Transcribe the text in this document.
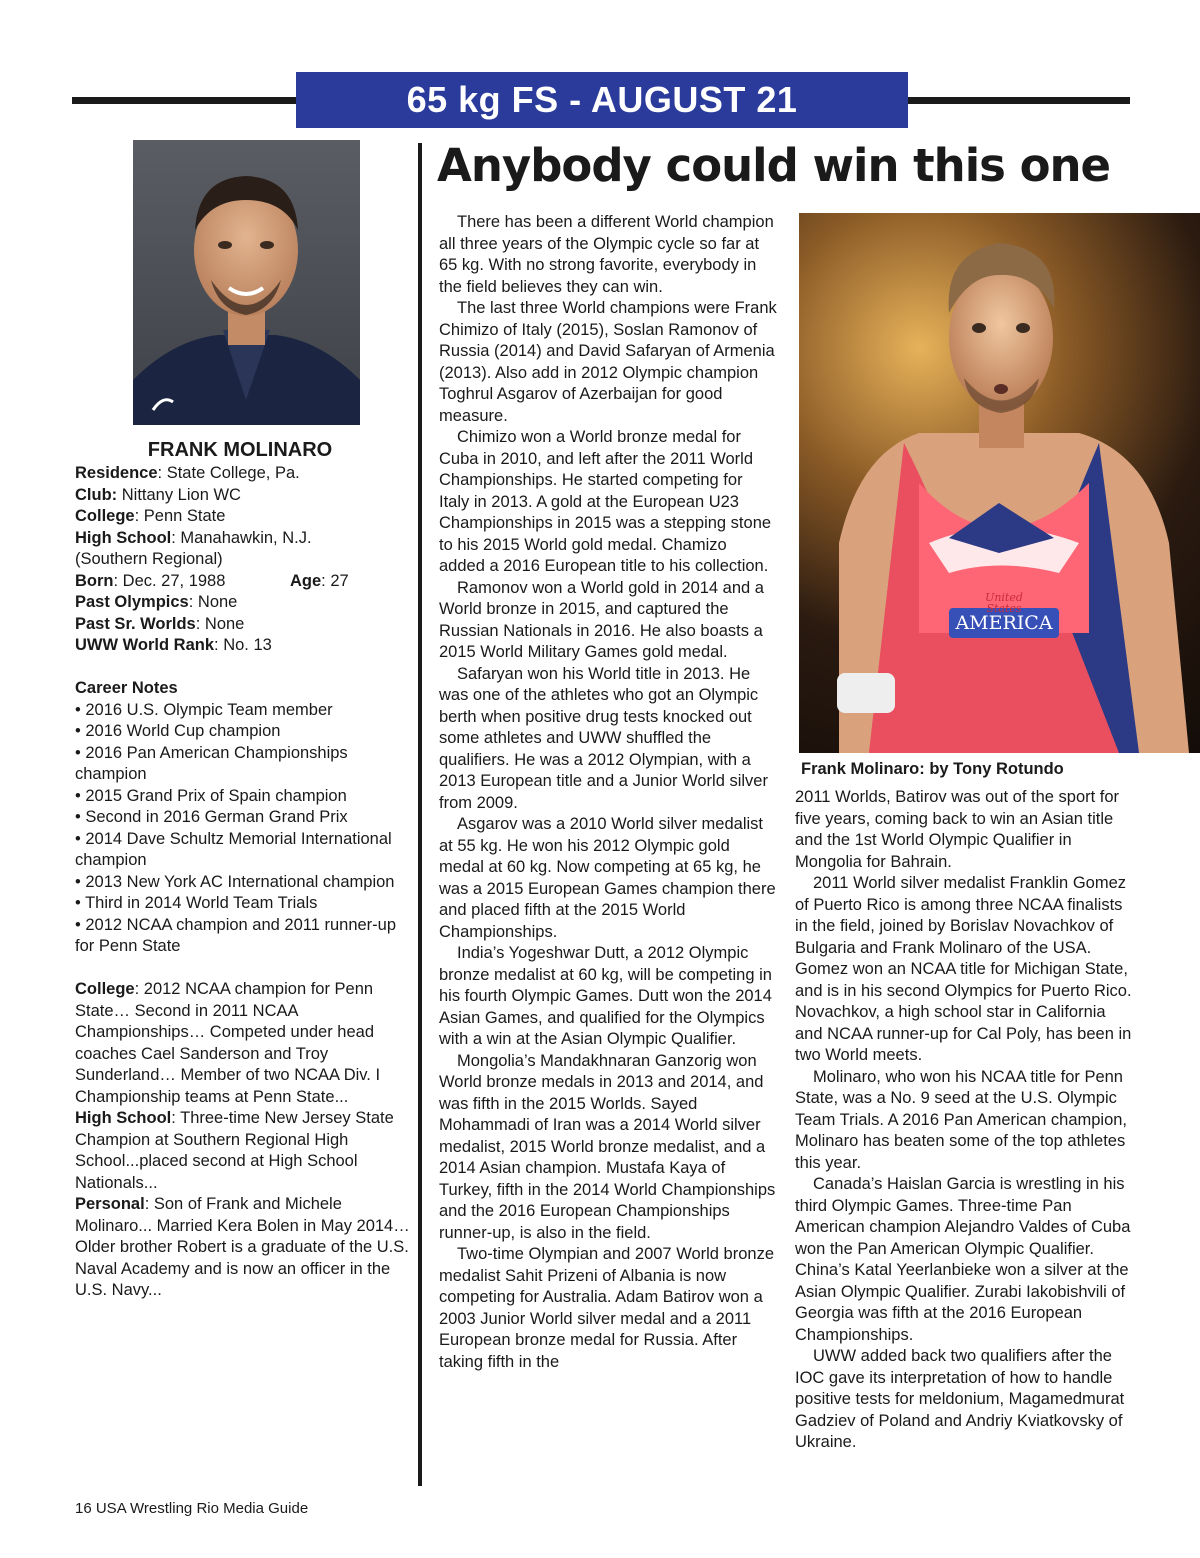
65 kg FS - AUGUST 21
Anybody could win this one
AMERICA
United
States
Frank Molinaro: by Tony Rotundo
FRANK MOLINARO
Residence: State College, Pa.
Club: Nittany Lion WC
College: Penn State
High School: Manahawkin, N.J.
(Southern Regional)
Born: Dec. 27, 1988	Age: 27
Past Olympics: None
Past Sr. Worlds: None
UWW World Rank: No. 13
Career Notes
• 2016 U.S. Olympic Team member
• 2016 World Cup champion
• 2016 Pan American Championships champion
• 2015 Grand Prix of Spain champion
• Second in 2016 German Grand Prix
• 2014 Dave Schultz Memorial International champion
• 2013 New York AC International champion
• Third in 2014 World Team Trials
• 2012 NCAA champion and 2011 runner-up for Penn State
College: 2012 NCAA champion for Penn State… Second in 2011 NCAA Championships… Competed under head coaches Cael Sanderson and Troy Sunderland… Member of two NCAA Div. I Championship teams at Penn State...
High School: Three-time New Jersey State Champion at Southern Regional High School...placed second at High School Nationals...
Personal: Son of Frank and Michele Molinaro... Married Kera Bolen in May 2014… Older brother Robert is a graduate of the U.S. Naval Academy and is now an officer in the U.S. Navy...

There has been a different World champion all three years of the Olympic cycle so far at 65 kg. With no strong favorite, everybody in the field believes they can win.

The last three World champions were Frank Chimizo of Italy (2015), Soslan Ramonov of Russia (2014) and David Safaryan of Armenia (2013). Also add in 2012 Olympic champion Toghrul Asgarov of Azerbaijan for good measure.

Chimizo won a World bronze medal for Cuba in 2010, and left after the 2011 World Championships. He started competing for Italy in 2013. A gold at the European U23 Championships in 2015 was a stepping stone to his 2015 World gold medal. Chamizo added a 2016 European title to his collection.

Ramonov won a World gold in 2014 and a World bronze in 2015, and captured the Russian Nationals in 2016. He also boasts a 2015 World Military Games gold medal.

Safaryan won his World title in 2013. He was one of the athletes who got an Olympic berth when positive drug tests knocked out some athletes and UWW shuffled the qualifiers. He was a 2012 Olympian, with a 2013 European title and a Junior World silver from 2009.

Asgarov was a 2010 World silver medalist at 55 kg. He won his 2012 Olympic gold medal at 60 kg. Now competing at 65 kg, he was a 2015 European Games champion there and placed fifth at the 2015 World Championships.

India’s Yogeshwar Dutt, a 2012 Olympic bronze medalist at 60 kg, will be competing in his fourth Olympic Games. Dutt won the 2014 Asian Games, and qualified for the Olympics with a win at the Asian Olympic Qualifier.

Mongolia’s Mandakhnaran Ganzorig won World bronze medals in 2013 and 2014, and was fifth in the 2015 Worlds. Sayed Mohammadi of Iran was a 2014 World silver medalist, 2015 World bronze medalist, and a 2014 Asian champion. Mustafa Kaya of Turkey, fifth in the 2014 World Championships and the 2016 European Championships runner-up, is also in the field.

Two-time Olympian and 2007 World bronze medalist Sahit Prizeni of Albania is now competing for Australia. Adam Batirov won a 2003 Junior World silver medal and a 2011 European bronze medal for Russia. After taking fifth in the

2011 Worlds, Batirov was out of the sport for five years, coming back to win an Asian title and the 1st World Olympic Qualifier in Mongolia for Bahrain.

2011 World silver medalist Franklin Gomez of Puerto Rico is among three NCAA finalists in the field, joined by Borislav Novachkov of Bulgaria and Frank Molinaro of the USA. Gomez won an NCAA title for Michigan State, and is in his second Olympics for Puerto Rico. Novachkov, a high school star in California and NCAA runner-up for Cal Poly, has been in two World meets.

Molinaro, who won his NCAA title for Penn State, was a No. 9 seed at the U.S. Olympic Team Trials. A 2016 Pan American champion, Molinaro has beaten some of the top athletes this year.

Canada’s Haislan Garcia is wrestling in his third Olympic Games. Three-time Pan American champion Alejandro Valdes of Cuba won the Pan American Olympic Qualifier. China’s Katal Yeerlanbieke won a silver at the Asian Olympic Qualifier. Zurabi Iakobishvili of Georgia was fifth at the 2016 European Championships.

UWW added back two qualifiers after the IOC gave its interpretation of how to handle positive tests for meldonium, Magamedmurat Gadziev of Poland and Andriy Kviatkovsky of Ukraine.

16 USA Wrestling Rio Media Guide
